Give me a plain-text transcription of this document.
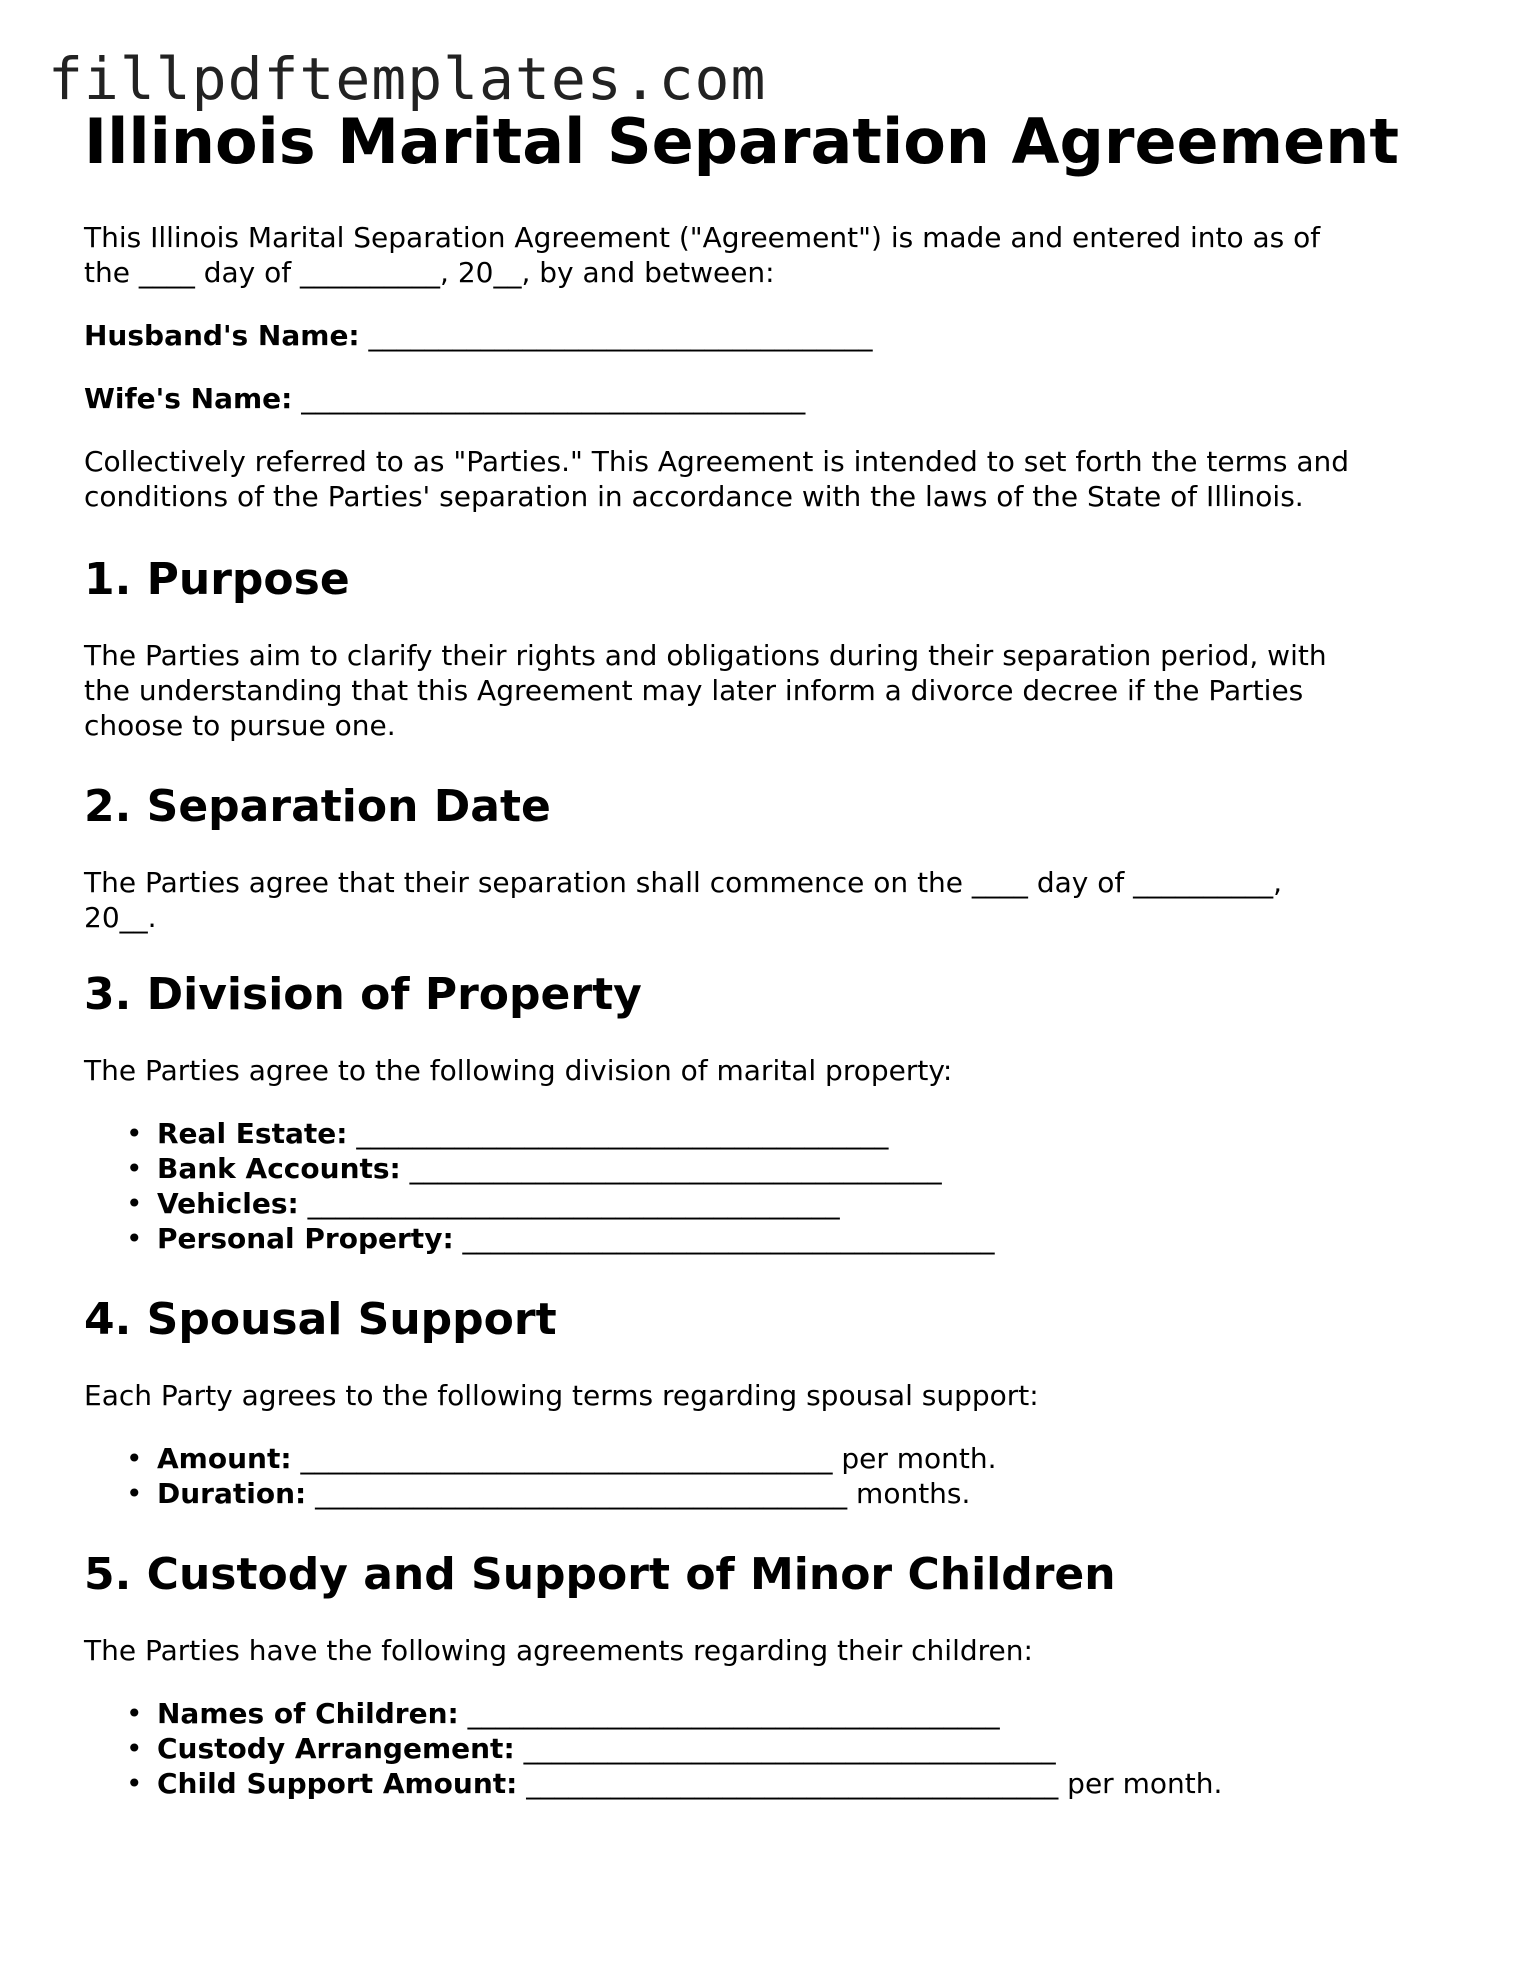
fillpdftemplates.com
Illinois Marital Separation Agreement

This Illinois Marital Separation Agreement ("Agreement") is made and entered into as of
the ____ day of __________, 20__, by and between:

Husband's Name: ____________________________________

Wife's Name: ____________________________________

Collectively referred to as "Parties." This Agreement is intended to set forth the terms and
conditions of the Parties' separation in accordance with the laws of the State of Illinois.

1. Purpose

The Parties aim to clarify their rights and obligations during their separation period, with
the understanding that this Agreement may later inform a divorce decree if the Parties
choose to pursue one.

2. Separation Date

The Parties agree that their separation shall commence on the ____ day of __________,
20__.

3. Division of Property

The Parties agree to the following division of marital property:

• Real Estate: ______________________________________
• Bank Accounts: ______________________________________
• Vehicles: ______________________________________
• Personal Property: ______________________________________
4. Spousal Support

Each Party agrees to the following terms regarding spousal support:

• Amount: ______________________________________ per month.
• Duration: ______________________________________ months.
5. Custody and Support of Minor Children

The Parties have the following agreements regarding their children:

• Names of Children: ______________________________________
• Custody Arrangement: ______________________________________
• Child Support Amount: ______________________________________ per month.
